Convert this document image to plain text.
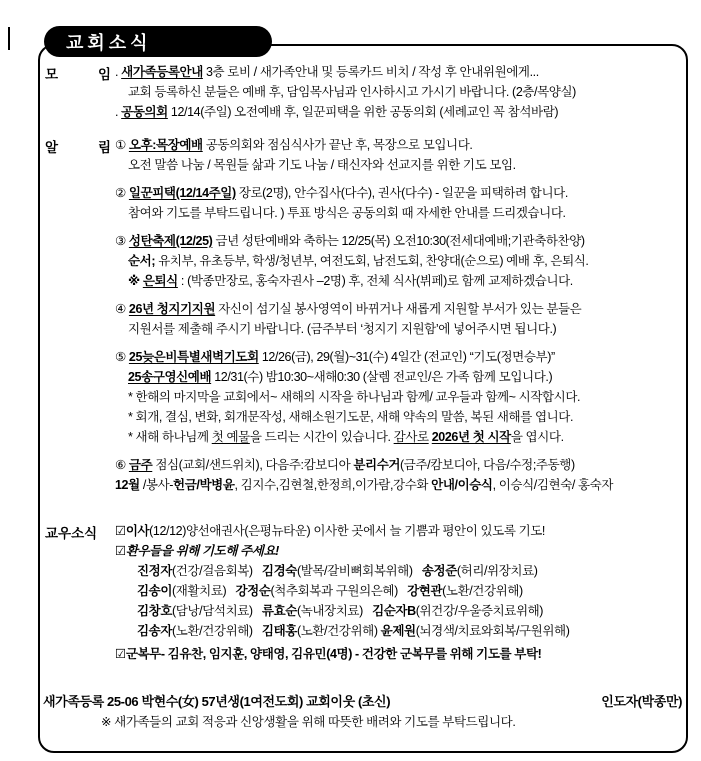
교회소식
모 임 . 새가족등록안내 3층 로비 / 새가족안내 및 등록카드 비치 / 작성 후 안내위원에게...
교회 등록하신 분들은 예배 후, 담임목사님과 인사하시고 가시기 바랍니다. (2층/목양실)
. 공동의회 12/14(주일) 오전예배 후, 일꾼피택을 위한 공동의회 (세례교인 꼭 참석바람)
알 림 ① 오후:목장예배 공동의회와 점심식사가 끝난 후, 목장으로 모입니다.
오전 말씀 나눔 / 목원들 삶과 기도 나눔 / 태신자와 선교지를 위한 기도 모임.
② 일꾼피택(12/14주일) 장로(2명), 안수집사(다수), 권사(다수) - 일꾼을 피택하려 합니다.
참여와 기도를 부탁드립니다. ) 투표 방식은 공동의회 때 자세한 안내를 드리겠습니다.
③ 성탄축제(12/25) 금년 성탄예배와 축하는 12/25(목) 오전10:30(전세대예배;기관축하찬양)
순서; 유치부, 유초등부, 학생/청년부, 여전도회, 남전도회, 찬양대(순으로) 예배 후, 은퇴식.
※ 은퇴식 : (박종만장로, 홍숙자권사 –2명) 후, 전체 식사(뷔페)로 함께 교제하겠습니다.
④ 26년 청지기지원 자신이 섬기실 봉사영역이 바뀌거나 새롭게 지원할 부서가 있는 분들은
지원서를 제출해 주시기 바랍니다. (금주부터 ‘청지기 지원함’에 넣어주시면 됩니다.)
⑤ 25늦은비특별새벽기도회 12/26(금), 29(월)~31(수) 4일간 (전교인) “기도(정면승부)”
25송구영신예배 12/31(수) 밤10:30~새해0:30 (살렘 전교인/은 가족 함께 모입니다.)
* 한해의 마지막을 교회에서~ 새해의 시작을 하나님과 함께/ 교우들과 함께~ 시작합시다.
* 회개, 결심, 변화, 회개문작성, 새해소원기도문, 새해 약속의 말씀, 복된 새해를 엽니다.
* 새해 하나님께 첫 예물을 드리는 시간이 있습니다. 감사로 2026년 첫 시작을 엽시다.
⑥ 금주 점심(교회/샌드위치), 다음주:캄보디아 분리수거(금주/캄보디아, 다음/수정;주동행)
12월 /봉사-헌금/박병윤, 김지수,김현철,한정희,이가람,강수화 안내/이승식, 이승식/김현숙/ 홍숙자
교우소식	☑이사(12/12)양선애권사(은평뉴타운) 이사한 곳에서 늘 기쁨과 평안이 있도록 기도!
☑환우들을 위해 기도해 주세요!
진정자(건강/걸음회복)   김경숙(발목/갈비뼈회복위해)   송정준(허리/위장치료)
김송이(재활치료)   강정순(척추회복과 구원의은혜)   강현관(노환/건강위해)
김창호(담낭/담석치료)   류효순(녹내장치료)   김순자B(위건강/우울증치료위해)
김송자(노환/건강위해)   김태홍(노환/건강위해) 윤제원(뇌경색/치료와회복/구원위해)
☑군복무- 김유찬, 임지훈, 양태영, 김유민(4명) - 건강한 군복무를 위해 기도를 부탁!
새가족등록 25-06 박현수(女) 57년생(1여전도회) 교회이웃 (초신)	인도자(박종만)
※ 새가족들의 교회 적응과 신앙생활을 위해 따뜻한 배려와 기도를 부탁드립니다.
